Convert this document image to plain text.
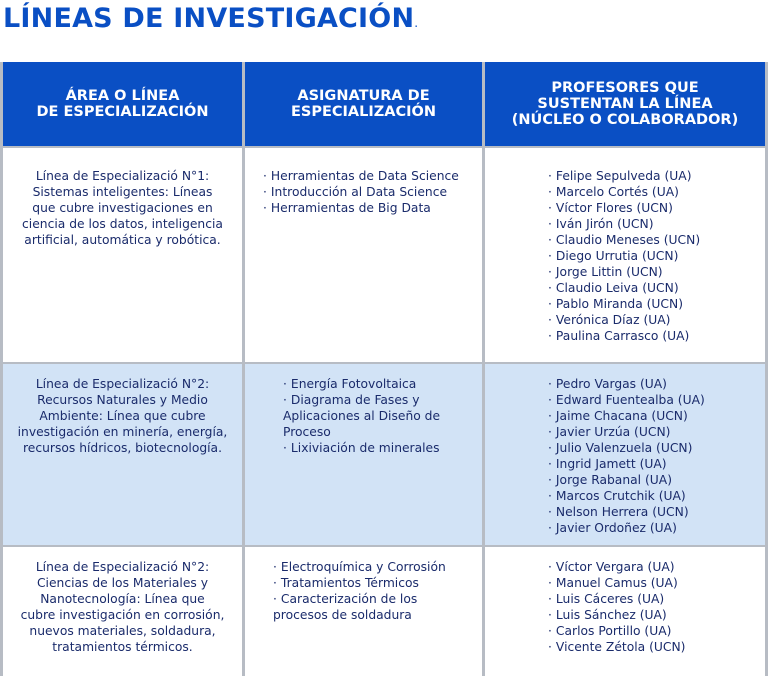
LÍNEAS DE INVESTIGACIÓN.
ÁREA O LÍNEA
DE ESPECIALIZACIÓN
ASIGNATURA DE
ESPECIALIZACIÓN
PROFESORES QUE
SUSTENTAN LA LÍNEA
(NÚCLEO O COLABORADOR)
Línea de Especializació N°1:
Sistemas inteligentes: Líneas
que cubre investigaciones en
ciencia de los datos, inteligencia
artificial, automática y robótica.
· Herramientas de Data Science
· Introducción al Data Science
· Herramientas de Big Data
· Felipe Sepulveda (UA)
· Marcelo Cortés (UA)
· Víctor Flores (UCN)
· Iván Jirón (UCN)
· Claudio Meneses (UCN)
· Diego Urrutia (UCN)
· Jorge Littin (UCN)
· Claudio Leiva (UCN)
· Pablo Miranda (UCN)
· Verónica Díaz (UA)
· Paulina Carrasco (UA)
Línea de Especializació N°2:
Recursos Naturales y Medio
Ambiente: Línea que cubre
investigación en minería, energía,
recursos hídricos, biotecnología.
· Energía Fotovoltaica
· Diagrama de Fases y Aplicaciones al Diseño de Proceso
· Lixiviación de minerales
· Pedro Vargas (UA)
· Edward Fuentealba (UA)
· Jaime Chacana (UCN)
· Javier Urzúa (UCN)
· Julio Valenzuela (UCN)
· Ingrid Jamett (UA)
· Jorge Rabanal (UA)
· Marcos Crutchik (UA)
· Nelson Herrera (UCN)
· Javier Ordoñez (UA)
Línea de Especializació N°2:
Ciencias de los Materiales y
Nanotecnología: Línea que
cubre investigación en corrosión,
nuevos materiales, soldadura,
tratamientos térmicos.
· Electroquímica y Corrosión
· Tratamientos Térmicos
· Caracterización de los procesos de soldadura
· Víctor Vergara (UA)
· Manuel Camus (UA)
· Luis Cáceres (UA)
· Luis Sánchez (UA)
· Carlos Portillo (UA)
· Vicente Zétola (UCN)
